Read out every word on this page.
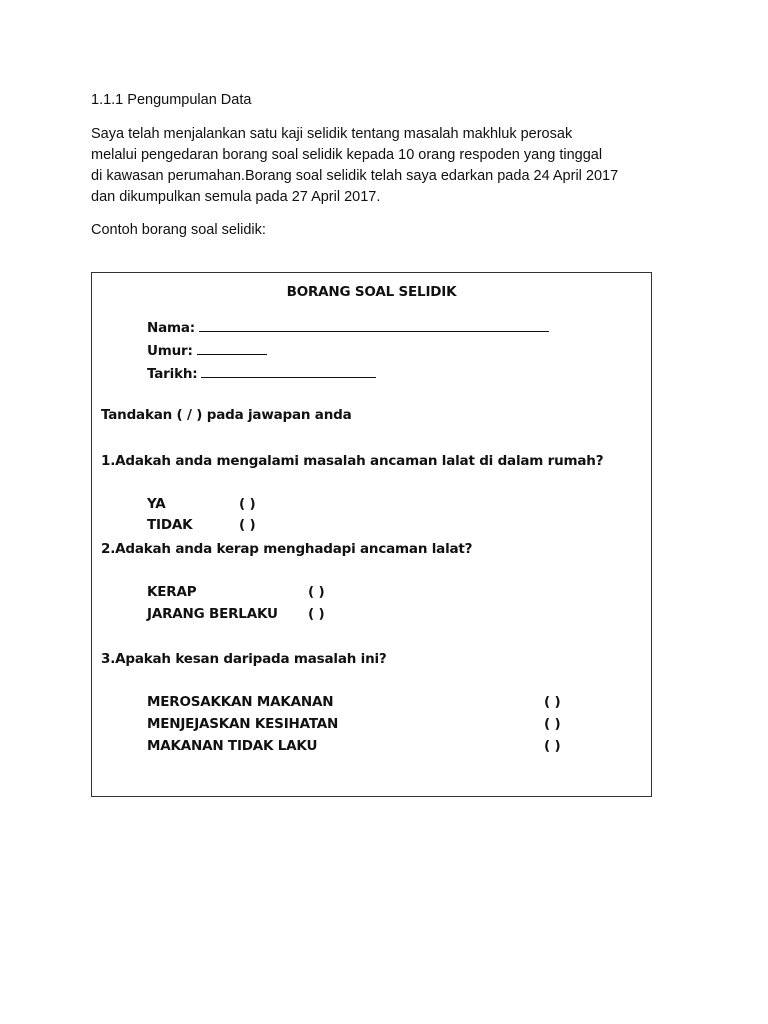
1.1.1 Pengumpulan Data
Saya telah menjalankan satu kaji selidik tentang masalah makhluk perosak
melalui pengedaran borang soal selidik kepada 10 orang respoden yang tinggal
di kawasan perumahan.Borang soal selidik telah saya edarkan pada 24 April 2017
dan dikumpulkan semula pada 27 April 2017.
Contoh borang soal selidik:
BORANG SOAL SELIDIK
Nama:
Umur:
Tarikh:
Tandakan ( / ) pada jawapan anda
1.Adakah anda mengalami masalah ancaman lalat di dalam rumah?
YA	( )
TIDAK	( )
2.Adakah anda kerap menghadapi ancaman lalat?
KERAP	( )
JARANG BERLAKU ( )
3.Apakah kesan daripada masalah ini?
MEROSAKKAN MAKANAN	( )
MENJEJASKAN KESIHATAN	( )
MAKANAN TIDAK LAKU	( )
